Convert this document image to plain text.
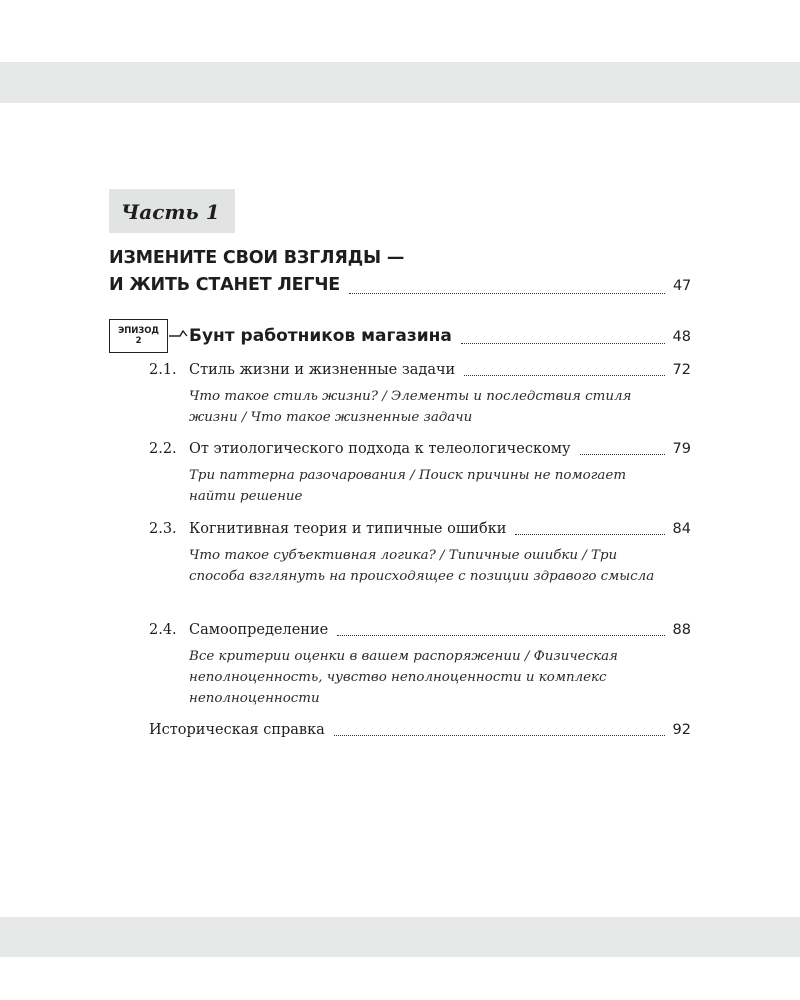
Часть 1
ИЗМЕНИТЕ СВОИ ВЗГЛЯДЫ —
И ЖИТЬ СТАНЕТ ЛЕГЧЕ	47
ЭПИЗОД
2	Бунт работников магазина	48
2.1. Стиль жизни и жизненные задачи	72
Что такое стиль жизни? / Элементы и последствия стиля жизни / Что такое жизненные задачи
2.2. От этиологического подхода к телеологическому	79
Три паттерна разочарования / Поиск причины не помогает найти решение
2.3. Когнитивная теория и типичные ошибки	84
Что такое субъективная логика? / Типичные ошибки / Три способа взглянуть на происходящее с позиции здравого смысла
2.4. Самоопределение	88
Все критерии оценки в вашем распоряжении / Физическая неполноценность, чувство неполноценности и комплекс неполноценности
Историческая справка	92
